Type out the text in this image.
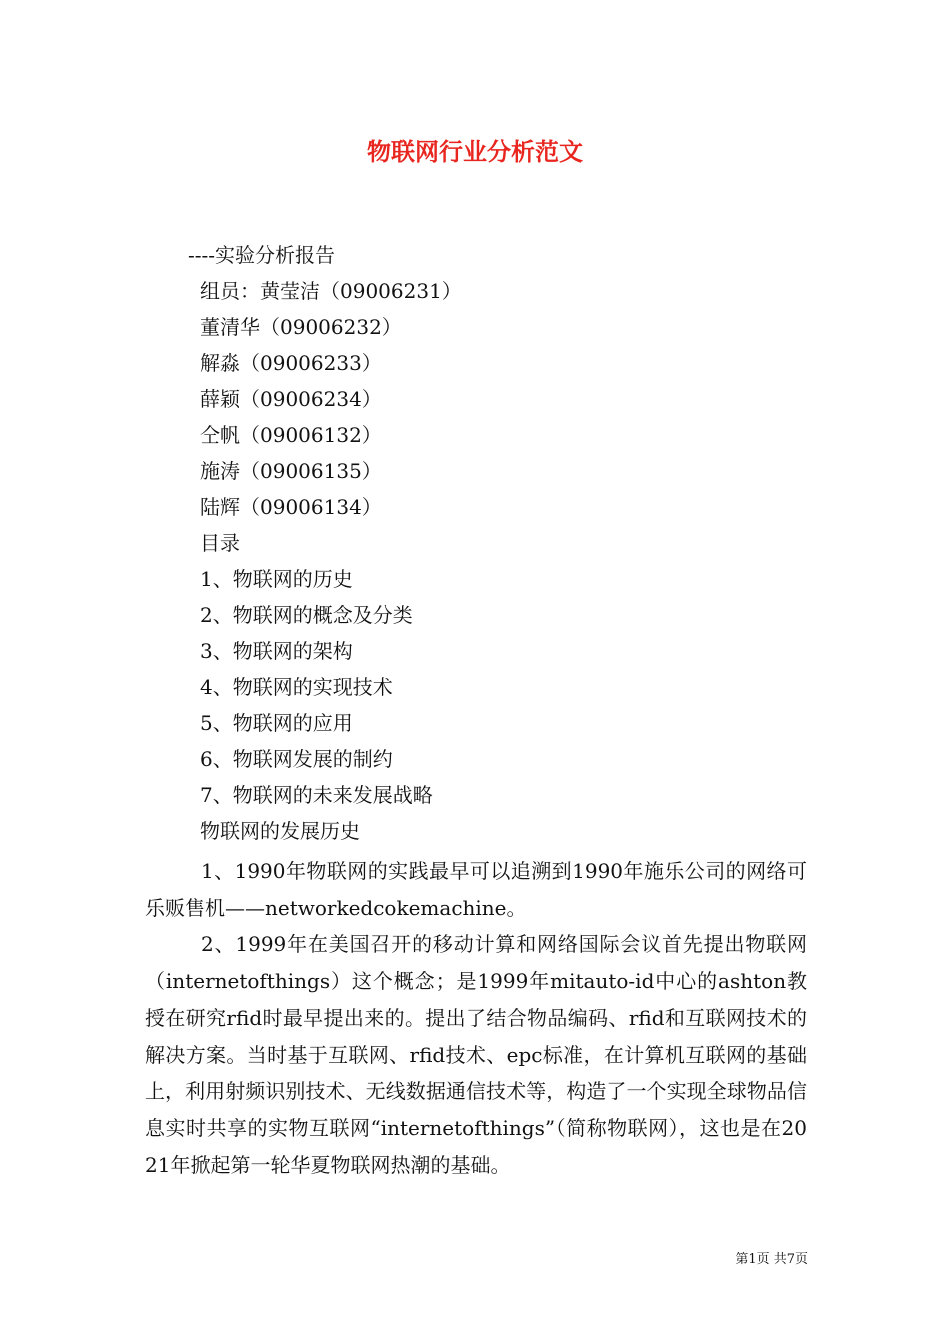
物联网行业分析范文
----实验分析报告
组员：黄莹洁（09006231）
董清华（09006232）
解淼（09006233）
薛颖（09006234）
仝帆（09006132）
施涛（09006135）
陆辉（09006134）
目录
1、物联网的历史
2、物联网的概念及分类
3、物联网的架构
4、物联网的实现技术
5、物联网的应用
6、物联网发展的制约
7、物联网的未来发展战略
物联网的发展历史

1、1990年物联网的实践最早可以追溯到1990年施乐公司的网络可乐贩售机——networkedcokemachine。

2、1999年在美国召开的移动计算和网络国际会议首先提出物联网（internetofthings）这个概念；是1999年mitauto-id中心的ashton教授在研究rfid时最早提出来的。提出了结合物品编码、rfid和互联网技术的解决方案。当时基于互联网、rfid技术、epc标准，在计算机互联网的基础上，利用射频识别技术、无线数据通信技术等，构造了一个实现全球物品信息实时共享的实物互联网“internetofthings”（简称物联网），这也是在2021年掀起第一轮华夏物联网热潮的基础。

第1页 共7页
